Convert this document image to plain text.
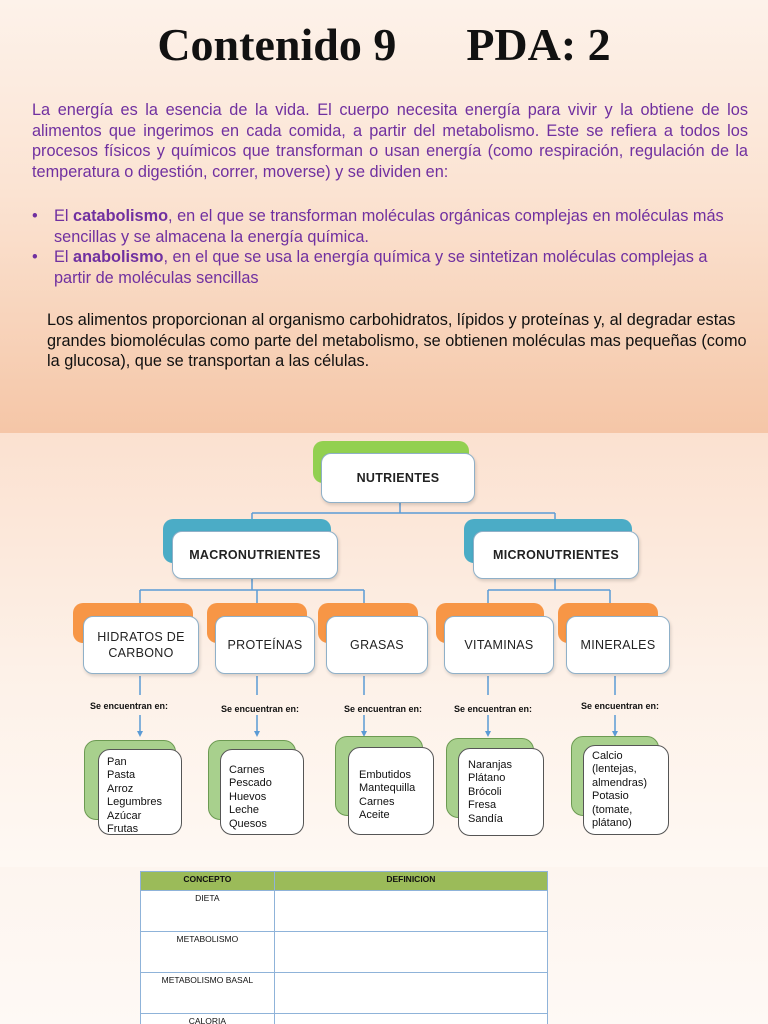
Contenido 9 PDA: 2

La energía es la esencia de la vida. El cuerpo necesita energía para vivir y la obtiene de los alimentos que ingerimos en cada comida, a partir del metabolismo. Este se refiera a todos los procesos físicos y químicos que transforman o usan energía (como respiración, regulación de la temperatura o digestión, correr, moverse) y se dividen en:

• El catabolismo, en el que se transforman moléculas orgánicas complejas en moléculas más sencillas y se almacena la energía química.
• El anabolismo, en el que se usa la energía química y se sintetizan moléculas complejas a partir de moléculas sencillas

Los alimentos proporcionan al organismo carbohidratos, lípidos y proteínas y, al degradar estas grandes biomoléculas como parte del metabolismo, se obtienen moléculas mas pequeñas (como la glucosa), que se transportan a las células.

NUTRIENTES
MACRONUTRIENTES	MICRONUTRIENTES
HIDRATOS DE CARBONO
PROTEÍNAS	GRASAS	VITAMINAS	MINERALES
Se encuentran en:	Se encuentran en:	Se encuentran en:	Se encuentran en:	Se encuentran en:
Pan
Pasta
Arroz
Legumbres
Azúcar
Frutas
Carnes
Pescado
Huevos
Leche
Quesos
Embutidos
Mantequilla
Carnes
Aceite
Naranjas
Plátano
Brócoli
Fresa
Sandía
Calcio
(lentejas,
almendras)
Potasio
(tomate,
plátano)
CONCEPTO	DEFINICION
DIETA	
METABOLISMO	
METABOLISMO BASAL	
CALORIA	
